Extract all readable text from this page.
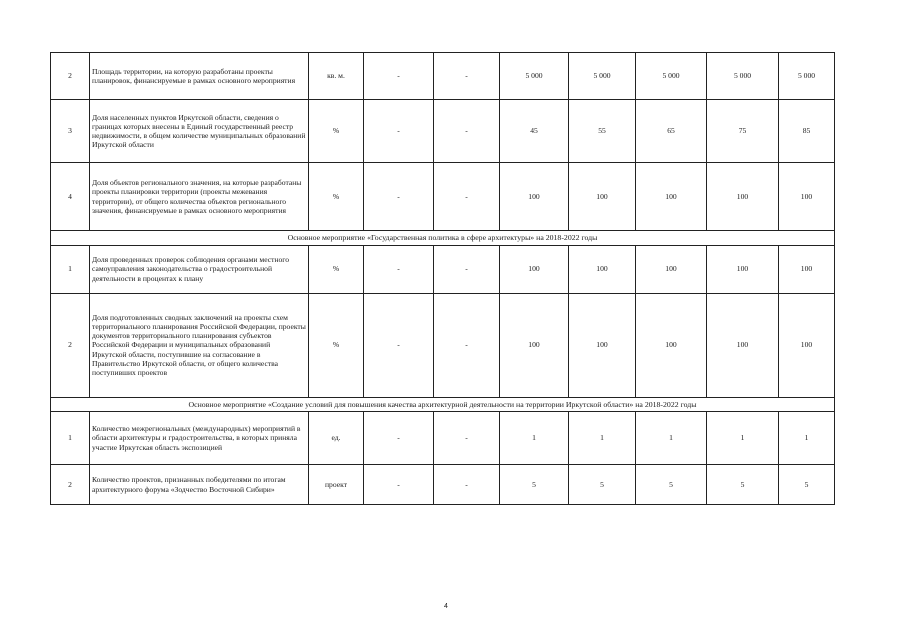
2	Площадь территории, на которую разработаны проекты планировок, финансируемые в рамках основного мероприятия	кв. м.	-	-	5 000	5 000	5 000	5 000	5 000
3	Доля населенных пунктов Иркутской области, сведения о границах которых внесены в Единый государственный реестр недвижимости, в общем количестве муниципальных образований Иркутской области	%	-	-	45	55	65	75	85
4	Доля объектов регионального значения, на которые разработаны проекты планировки территории (проекты межевания территории), от общего количества объектов регионального значения, финансируемые в рамках основного мероприятия	%	-	-	100	100	100	100	100
Основное мероприятие «Государственная политика в сфере архитектуры» на 2018-2022 годы									
1	Доля проведенных проверок соблюдения органами местного самоуправления законодательства о градостроительной деятельности в процентах к плану	%	-	-	100	100	100	100	100
2	Доля подготовленных сводных заключений на проекты схем территориального планирования Российской Федерации, проекты документов территориального планирования субъектов Российской Федерации и муниципальных образований Иркутской области, поступившие на согласование в Правительство Иркутской области, от общего количества поступивших проектов	%	-	-	100	100	100	100	100
Основное мероприятие «Создание условий для повышения качества архитектурной деятельности на территории Иркутской области» на 2018-2022 годы									
1	Количество межрегиональных (международных) мероприятий в области архитектуры и градостроительства, в которых приняла участие Иркутская область экспозицией	ед.	-	-	1	1	1	1	1
2	Количество проектов, признанных победителями по итогам архитектурного форума «Зодчество Восточной Сибири»	проект	-	-	5	5	5	5	5
4
